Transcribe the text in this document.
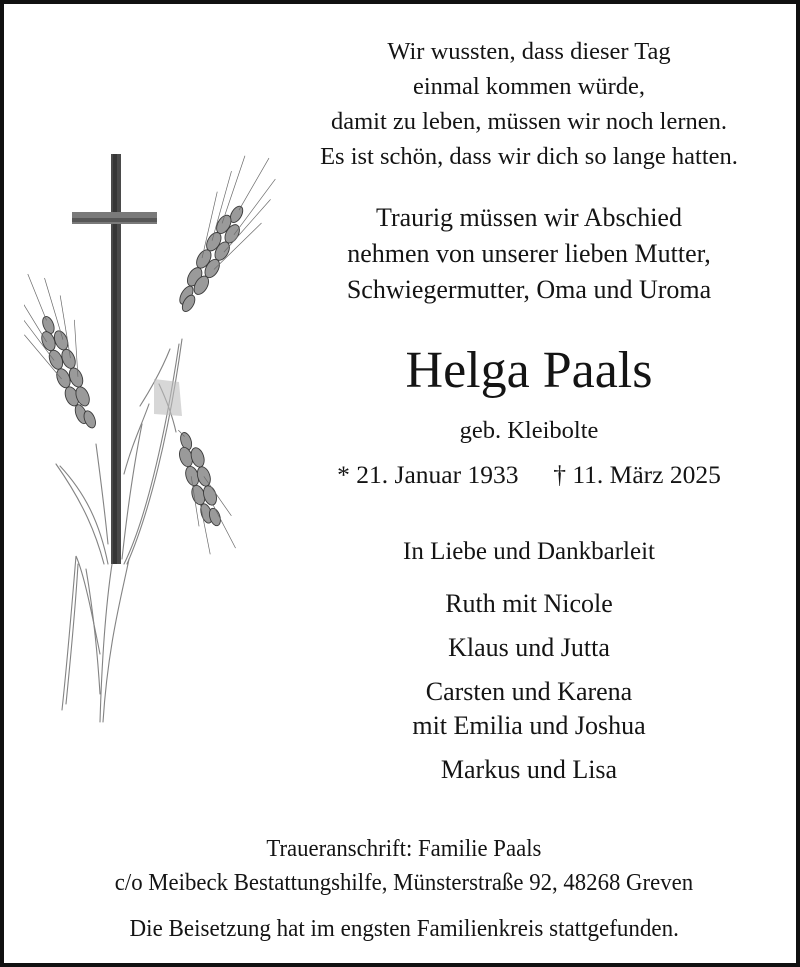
Wir wussten, dass dieser Tag
einmal kommen würde,
damit zu leben, müssen wir noch lernen.
Es ist schön, dass wir dich so lange hatten.
Traurig müssen wir Abschied
nehmen von unserer lieben Mutter,
Schwiegermutter, Oma und Uroma
Helga Paals
geb. Kleibolte
* 21. Januar 1933 † 11. März 2025
In Liebe und Dankbarleit
Ruth mit Nicole
Klaus und Jutta
Carsten und Karena
mit Emilia und Joshua
Markus und Lisa
Traueranschrift: Familie Paals
c/o Meibeck Bestattungshilfe, Münsterstraße 92, 48268 Greven
Die Beisetzung hat im engsten Familienkreis stattgefunden.
